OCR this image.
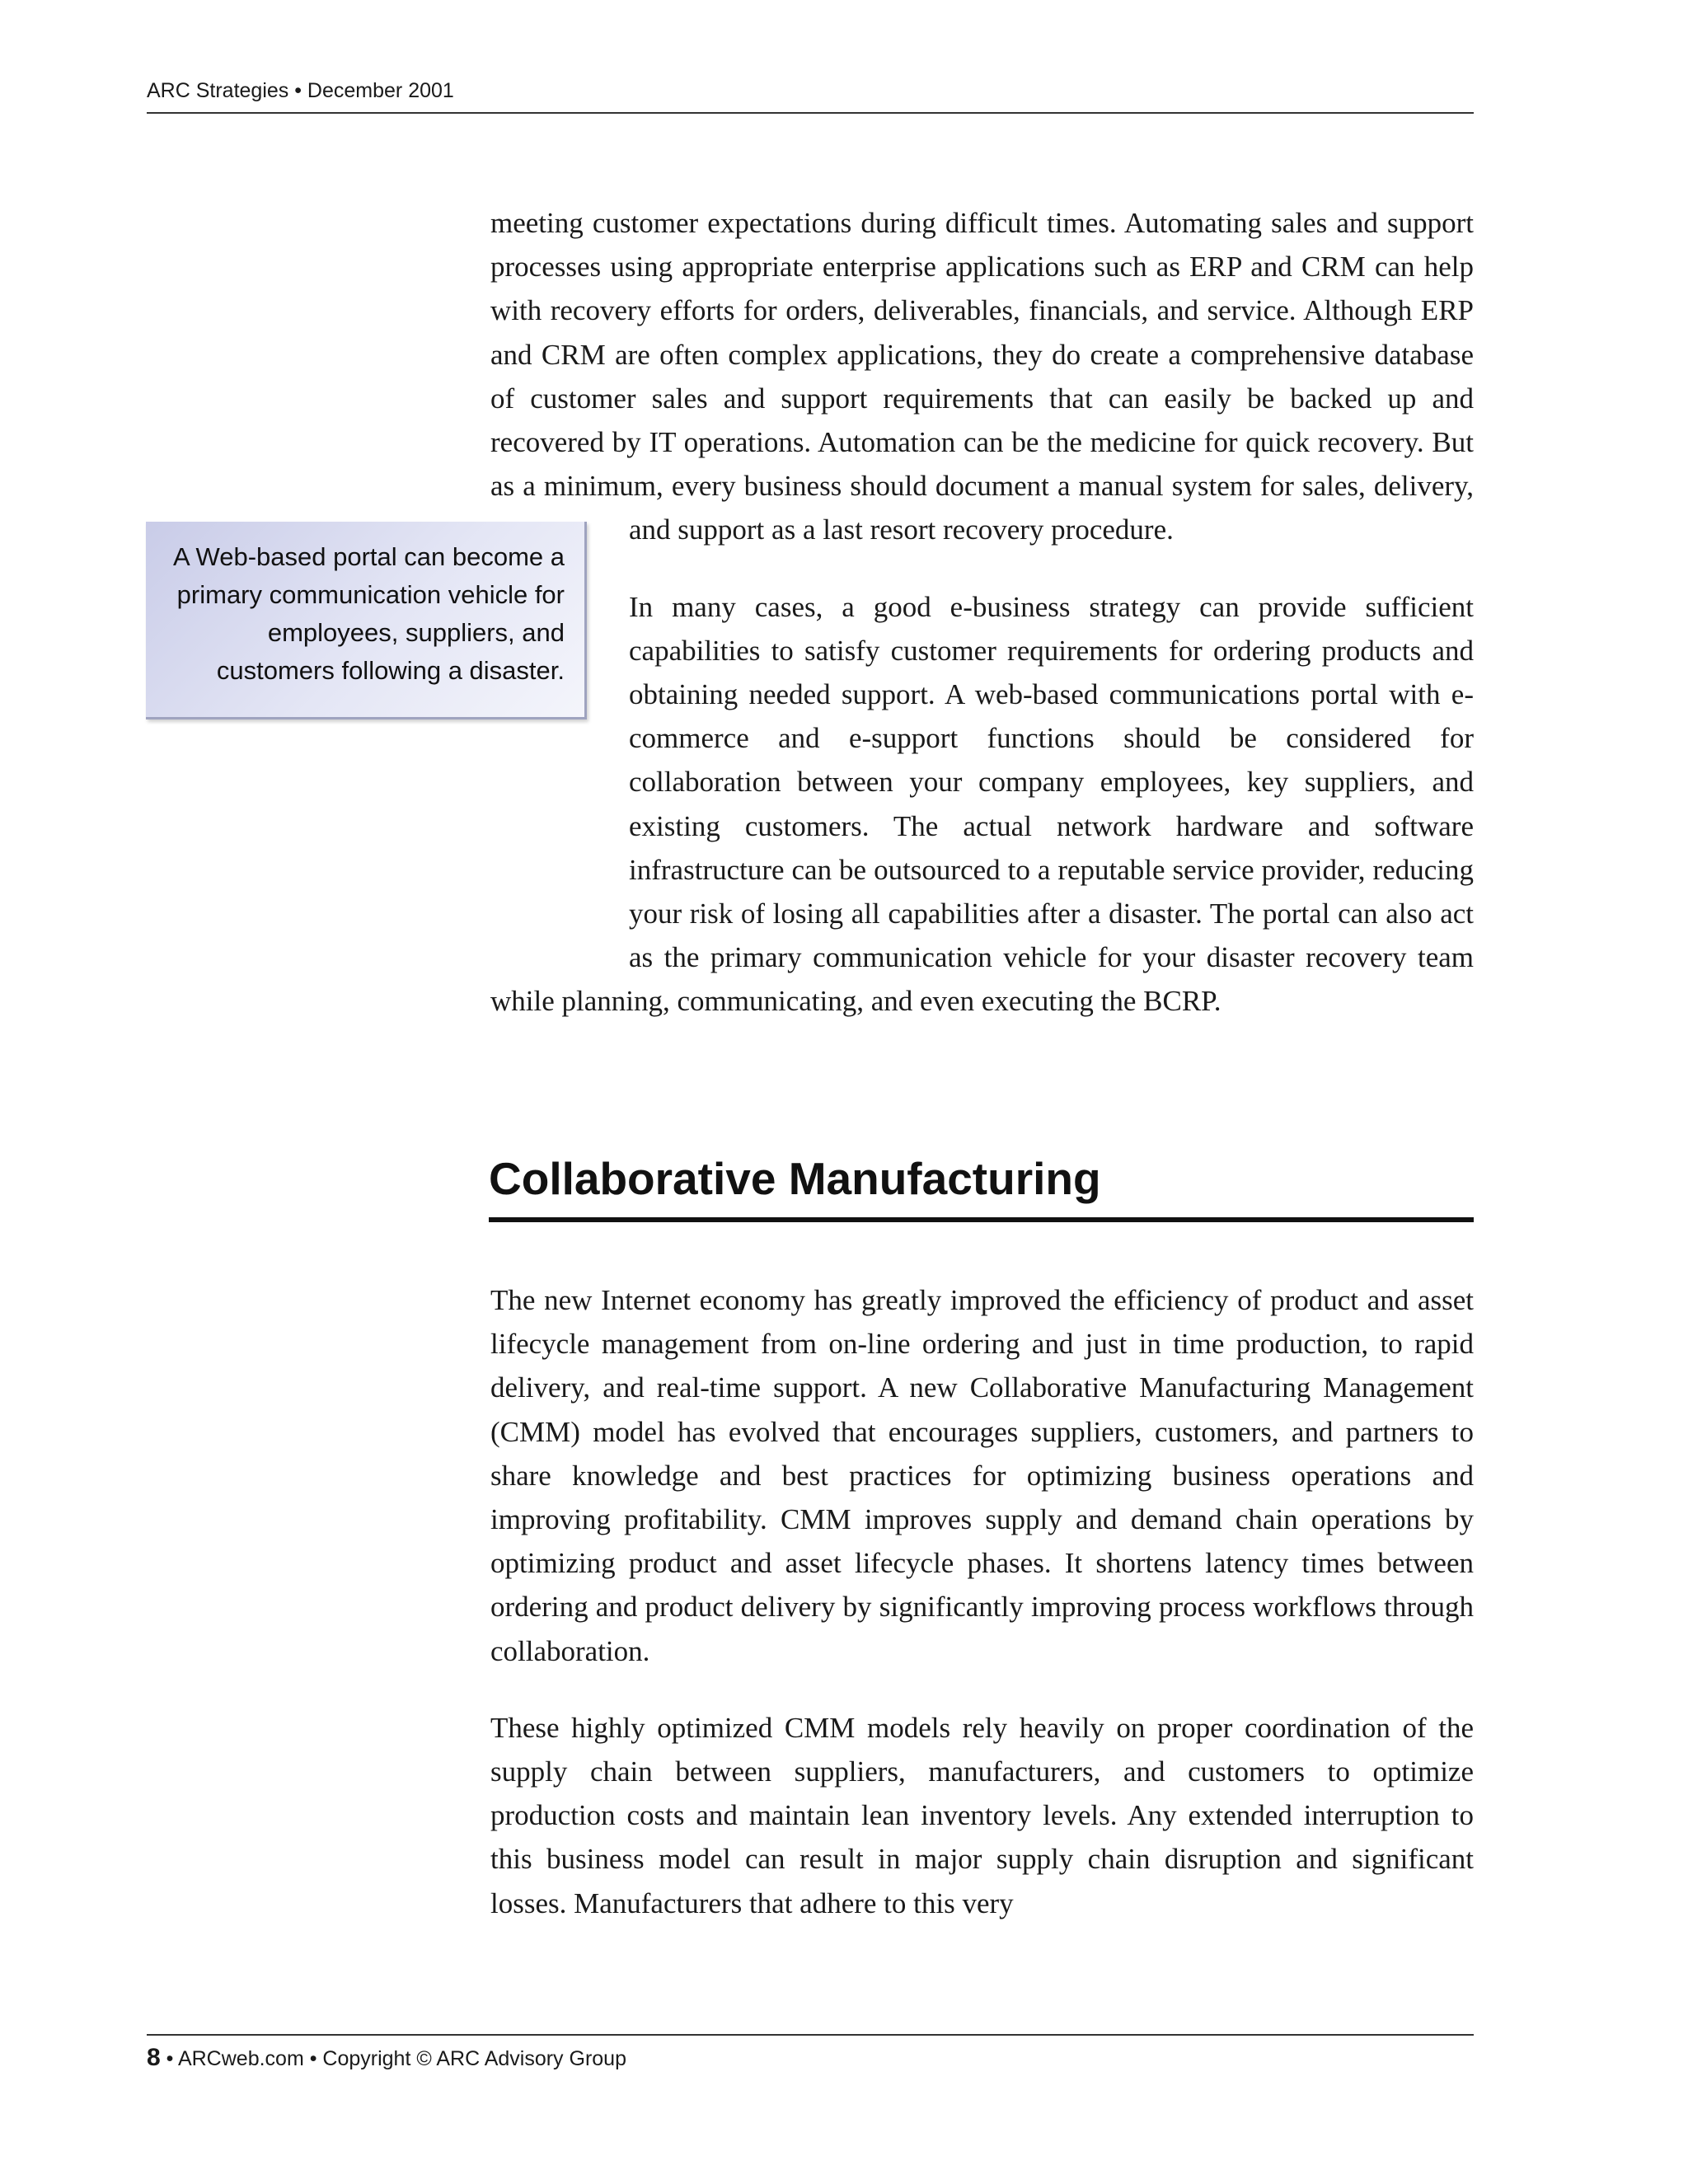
ARC Strategies • December 2001

meeting customer expectations during difficult times. Automating sales and support processes using appropriate enterprise applications such as ERP and CRM can help with recovery efforts for orders, deliverables, financials, and service. Although ERP and CRM are often complex applications, they do create a comprehensive database of customer sales and support requirements that can easily be backed up and recovered by IT operations. Automation can be the medicine for quick recovery. But as a minimum, every business should document a manual system for sales, delivery, and support as a last resort recovery procedure.

In many cases, a good e-business strategy can provide sufficient capabilities to satisfy customer requirements for ordering products and obtaining needed support. A web-based communications portal with e-commerce and e-support functions should be considered for collaboration between your company employees, key suppliers, and existing customers. The actual network hardware and software infrastructure can be outsourced to a reputable service provider, reducing your risk of losing all capabilities after a disaster. The portal can also act as the primary communication vehicle for your disaster recovery team while planning, communicating, and even executing the BCRP.

A Web-based portal can become a primary communication vehicle for employees, suppliers, and customers following a disaster.
Collaborative Manufacturing

The new Internet economy has greatly improved the efficiency of product and asset lifecycle management from on-line ordering and just in time production, to rapid delivery, and real-time support. A new Collaborative Manufacturing Management (CMM) model has evolved that encourages suppliers, customers, and partners to share knowledge and best practices for optimizing business operations and improving profitability. CMM improves supply and demand chain operations by optimizing product and asset lifecycle phases. It shortens latency times between ordering and product delivery by significantly improving process workflows through collaboration.

These highly optimized CMM models rely heavily on proper coordination of the supply chain between suppliers, manufacturers, and customers to optimize production costs and maintain lean inventory levels. Any extended interruption to this business model can result in major supply chain disruption and significant losses. Manufacturers that adhere to this very

8 • ARCweb.com • Copyright © ARC Advisory Group
